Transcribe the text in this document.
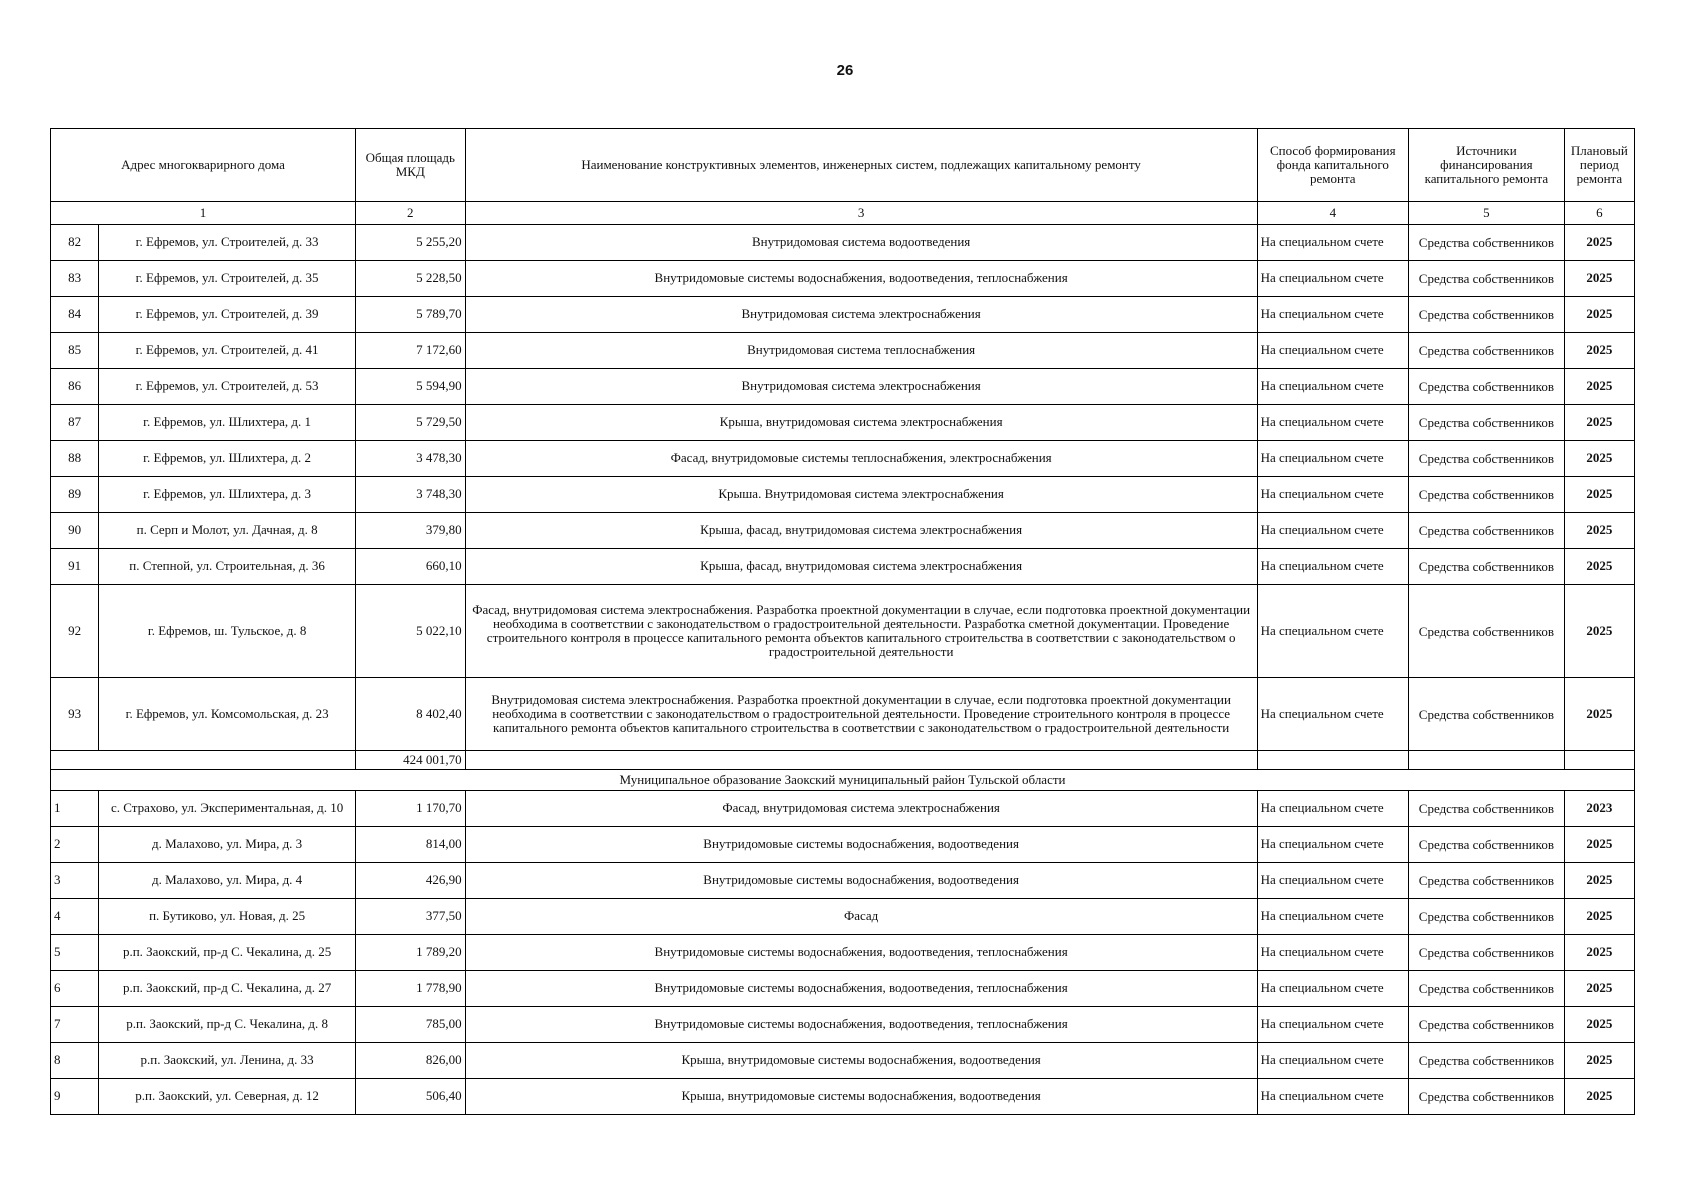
26
Адрес многокварирного дома		Общая площадь МКД	Наименование конструктивных элементов, инженерных систем, подлежащих капитальному ремонту	Способ формирования фонда капитального ремонта	Источники финансирования капитального ремонта	Плановый период ремонта
1		2	3	4	5	6
82	г. Ефремов, ул. Строителей, д. 33	5 255,20	Внутридомовая система водоотведения	На специальном счете	Средства собственников	2025
83	г. Ефремов, ул. Строителей, д. 35	5 228,50	Внутридомовые системы водоснабжения, водоотведения, теплоснабжения	На специальном счете	Средства собственников	2025
84	г. Ефремов, ул. Строителей, д. 39	5 789,70	Внутридомовая система электроснабжения	На специальном счете	Средства собственников	2025
85	г. Ефремов, ул. Строителей, д. 41	7 172,60	Внутридомовая система теплоснабжения	На специальном счете	Средства собственников	2025
86	г. Ефремов, ул. Строителей, д. 53	5 594,90	Внутридомовая система электроснабжения	На специальном счете	Средства собственников	2025
87	г. Ефремов, ул. Шлихтера, д. 1	5 729,50	Крыша, внутридомовая система электроснабжения	На специальном счете	Средства собственников	2025
88	г. Ефремов, ул. Шлихтера, д. 2	3 478,30	Фасад, внутридомовые системы теплоснабжения, электроснабжения	На специальном счете	Средства собственников	2025
89	г. Ефремов, ул. Шлихтера, д. 3	3 748,30	Крыша. Внутридомовая система электроснабжения	На специальном счете	Средства собственников	2025
90	п. Серп и Молот, ул. Дачная, д. 8	379,80	Крыша, фасад, внутридомовая система электроснабжения	На специальном счете	Средства собственников	2025
91	п. Степной, ул. Строительная, д. 36	660,10	Крыша, фасад, внутридомовая система электроснабжения	На специальном счете	Средства собственников	2025
92	г. Ефремов, ш. Тульское, д. 8	5 022,10	Фасад, внутридомовая система электроснабжения. Разработка проектной документации в случае, если подготовка проектной документации необходима в соответствии с законодательством о градостроительной деятельности. Разработка сметной документации. Проведение строительного контроля в процессе капитального ремонта объектов капитального строительства в соответствии с законодательством о градостроительной деятельности	На специальном счете	Средства собственников	2025
93	г. Ефремов, ул. Комсомольская, д. 23	8 402,40	Внутридомовая система электроснабжения. Разработка проектной документации в случае, если подготовка проектной документации необходима в соответствии с законодательством о градостроительной деятельности. Проведение строительного контроля в процессе капитального ремонта объектов капитального строительства в соответствии с законодательством о градостроительной деятельности	На специальном счете	Средства собственников	2025
		424 001,70				
Муниципальное образование Заокский муниципальный район Тульской области						
1	с. Страхово, ул. Экспериментальная, д. 10	1 170,70	Фасад, внутридомовая система электроснабжения	На специальном счете	Средства собственников	2023
2	д. Малахово, ул. Мира, д. 3	814,00	Внутридомовые системы водоснабжения, водоотведения	На специальном счете	Средства собственников	2025
3	д. Малахово, ул. Мира, д. 4	426,90	Внутридомовые системы водоснабжения, водоотведения	На специальном счете	Средства собственников	2025
4	п. Бутиково, ул. Новая, д. 25	377,50	Фасад	На специальном счете	Средства собственников	2025
5	р.п. Заокский, пр-д С. Чекалина, д. 25	1 789,20	Внутридомовые системы водоснабжения, водоотведения, теплоснабжения	На специальном счете	Средства собственников	2025
6	р.п. Заокский, пр-д С. Чекалина, д. 27	1 778,90	Внутридомовые системы водоснабжения, водоотведения, теплоснабжения	На специальном счете	Средства собственников	2025
7	р.п. Заокский, пр-д С. Чекалина, д. 8	785,00	Внутридомовые системы водоснабжения, водоотведения, теплоснабжения	На специальном счете	Средства собственников	2025
8	р.п. Заокский, ул. Ленина, д. 33	826,00	Крыша, внутридомовые системы водоснабжения, водоотведения	На специальном счете	Средства собственников	2025
9	р.п. Заокский, ул. Северная, д. 12	506,40	Крыша, внутридомовые системы водоснабжения, водоотведения	На специальном счете	Средства собственников	2025
